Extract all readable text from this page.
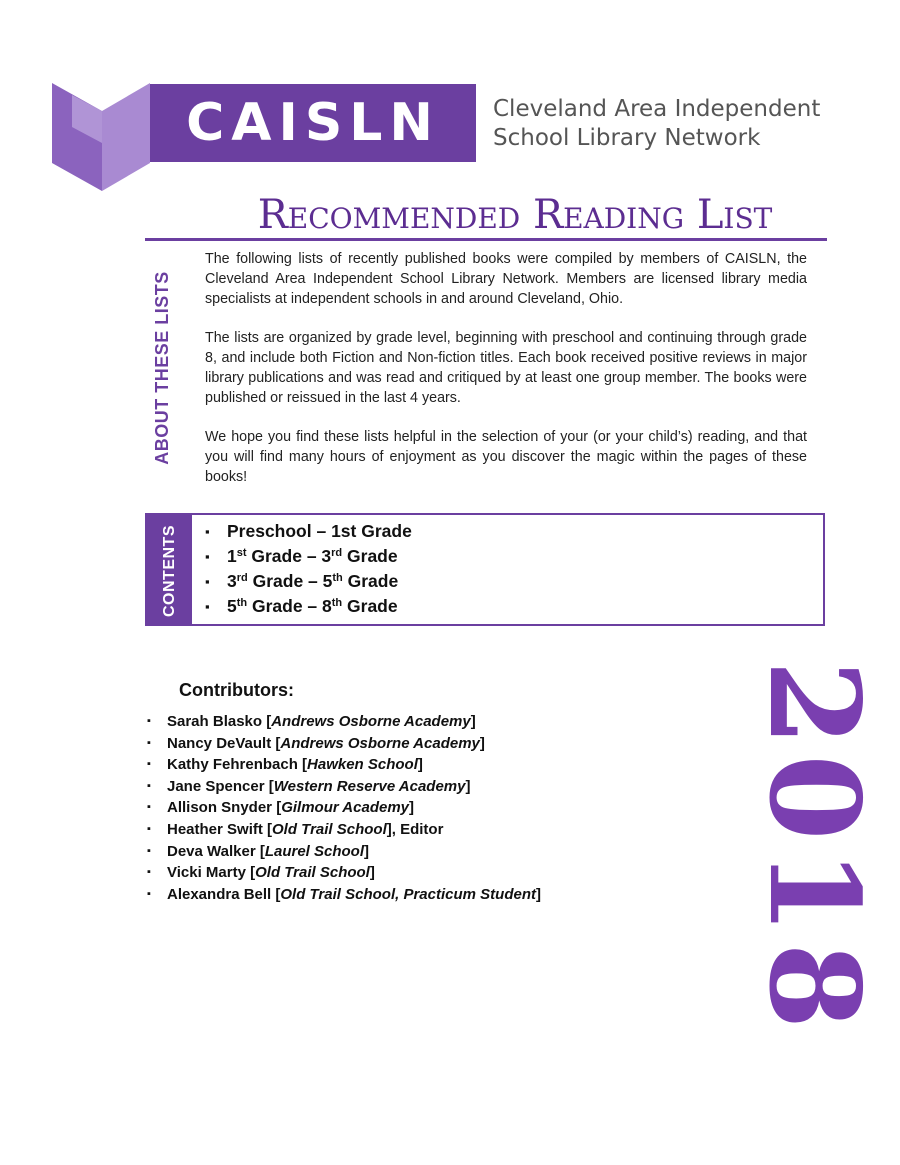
CAISLN	Cleveland Area Independent
School Library Network
Recommended Reading List
ABOUT THESE LISTS

The following lists of recently published books were compiled by members of CAISLN, the Cleveland Area Independent School Library Network. Members are licensed library media specialists at independent schools in and around Cleveland, Ohio.

The lists are organized by grade level, beginning with preschool and continuing through grade 8, and include both Fiction and Non-fiction titles. Each book received positive reviews in major library publications and was read and critiqued by at least one group member. The books were published or reissued in the last 4 years.

We hope you find these lists helpful in the selection of your (or your child’s) reading, and that you will find many hours of enjoyment as you discover the magic within the pages of these books!

CONTENTS
▪	Preschool – 1st Grade
▪ 1st Grade – 3rd Grade
▪ 3rd Grade – 5th Grade
▪ 5th Grade – 8th Grade
Contributors:
▪ Sarah Blasko [Andrews Osborne Academy]
▪ Nancy DeVault [Andrews Osborne Academy]
▪ Kathy Fehrenbach [Hawken School]
▪ Jane Spencer [Western Reserve Academy]
▪ Allison Snyder [Gilmour Academy]
▪ Heather Swift [Old Trail School], Editor
▪ Deva Walker [Laurel School]
▪ Vicki Marty [Old Trail School]
▪ Alexandra Bell [Old Trail School, Practicum Student] 2018
